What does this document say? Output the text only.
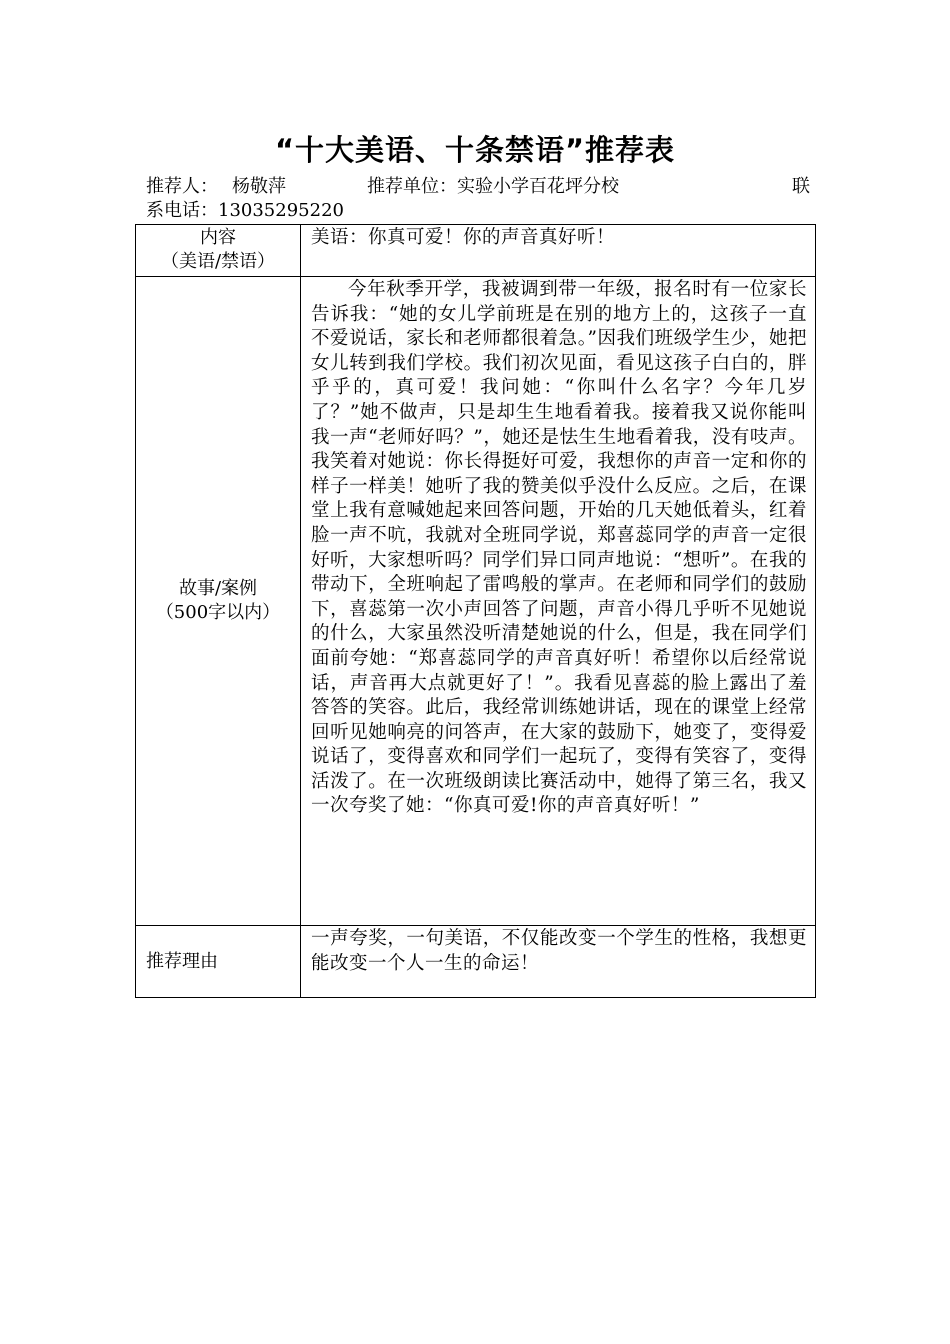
“十大美语、十条禁语”推荐表
推荐人： 杨敬萍	推荐单位：实验小学百花坪分校	联
系电话：13035295220
内容
（美语/禁语）	美语：你真可爱！你的声音真好听！

故事/案例
（500字以内）	今年秋季开学，我被调到带一年级，报名时有一位家长告诉我：“她的女儿学前班是在别的地方上的，这孩子一直不爱说话，家长和老师都很着急。”因我们班级学生少，她把女儿转到我们学校。我们初次见面，看见这孩子白白的，胖乎乎的，真可爱！我问她：“你叫什么名字？今年几岁了？”她不做声，只是却生生地看着我。接着我又说你能叫我一声“老师好吗？”，她还是怯生生地看着我，没有吱声。我笑着对她说：你长得挺好可爱，我想你的声音一定和你的样子一样美！她听了我的赞美似乎没什么反应。之后，在课堂上我有意喊她起来回答问题，开始的几天她低着头，红着脸一声不吭，我就对全班同学说，郑喜蕊同学的声音一定很好听，大家想听吗？同学们异口同声地说：“想听”。在我的带动下，全班响起了雷鸣般的掌声。在老师和同学们的鼓励下，喜蕊第一次小声回答了问题，声音小得几乎听不见她说的什么，大家虽然没听清楚她说的什么，但是，我在同学们面前夸她：“郑喜蕊同学的声音真好听！希望你以后经常说话，声音再大点就更好了！”。我看见喜蕊的脸上露出了羞答答的笑容。此后，我经常训练她讲话，现在的课堂上经常回听见她响亮的问答声，在大家的鼓励下，她变了，变得爱说话了，变得喜欢和同学们一起玩了，变得有笑容了，变得活泼了。在一次班级朗读比赛活动中，她得了第三名，我又一次夸奖了她：“你真可爱!你的声音真好听！”

推荐理由	一声夸奖，一句美语，不仅能改变一个学生的性格，我想更能改变一个人一生的命运！
